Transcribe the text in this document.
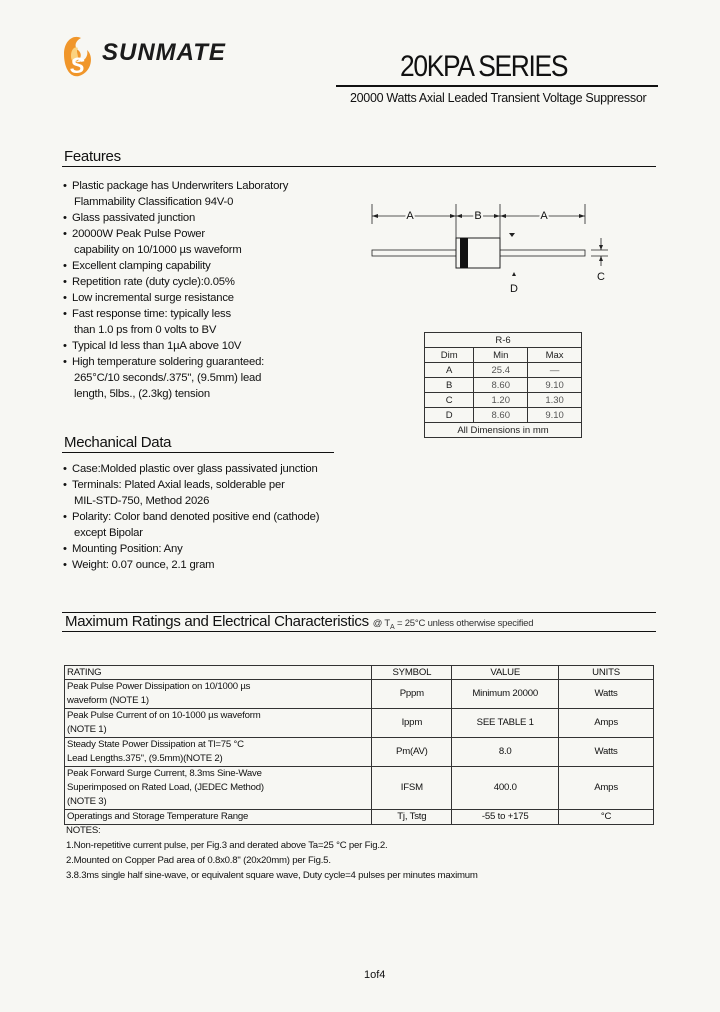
S SUNMATE	20KPA SERIES
20000 Watts Axial Leaded Transient Voltage Suppressor
Features
• Plastic package has Underwriters Laboratory
Flammability Classification 94V-0
• Glass passivated junction
• 20000W Peak Pulse Power
capability on 10/1000 µs waveform
• Excellent clamping capability
• Repetition rate (duty cycle):0.05%
• Low incremental surge resistance
• Fast response time: typically less
than 1.0 ps from 0 volts to BV
• Typical Id less than 1µA above 10V
• High temperature soldering guaranteed:
265°C/10 seconds/.375", (9.5mm) lead
length, 5lbs., (2.3kg) tension
A	B	A
C
D
R-6		
Dim	Min	Max
A	25.4	—
B	8.60	9.10
C	1.20	1.30
D	8.60	9.10
All Dimensions in mm		
Mechanical Data
• Case:Molded plastic over glass passivated junction
• Terminals: Plated Axial leads, solderable per
MIL-STD-750, Method 2026
• Polarity: Color band denoted positive end (cathode)
except Bipolar
• Mounting Position: Any
• Weight: 0.07 ounce, 2.1 gram
Maximum Ratings and Electrical Characteristics @ $T_A = 25^\circ C$ unless otherwise specified
RATING	SYMBOL	VALUE	UNITS

Peak Pulse Power Dissipation on 10/1000 µs
waveform (NOTE 1)	Pppm	Minimum 20000	Watts

Peak Pulse Current of on 10-1000 µs waveform
(NOTE 1)	Ippm	SEE TABLE 1	Amps

Steady State Power Dissipation at Tl=75 °C
Lead Lengths.375", (9.5mm)(NOTE 2)	Pm(AV)	8.0	Watts

Peak Forward Surge Current, 8.3ms Sine-Wave
Superimposed on Rated Load, (JEDEC Method)
(NOTE 3)	IFSM	400.0	Amps

Operatings and Storage Temperature Range	Tj, Tstg	-55 to +175	°C
NOTES:
1.Non-repetitive current pulse, per Fig.3 and derated above Ta=25 °C per Fig.2.
2.Mounted on Copper Pad area of 0.8x0.8" (20x20mm) per Fig.5.
3.8.3ms single half sine-wave, or equivalent square wave, Duty cycle=4 pulses per minutes maximum
1of4
